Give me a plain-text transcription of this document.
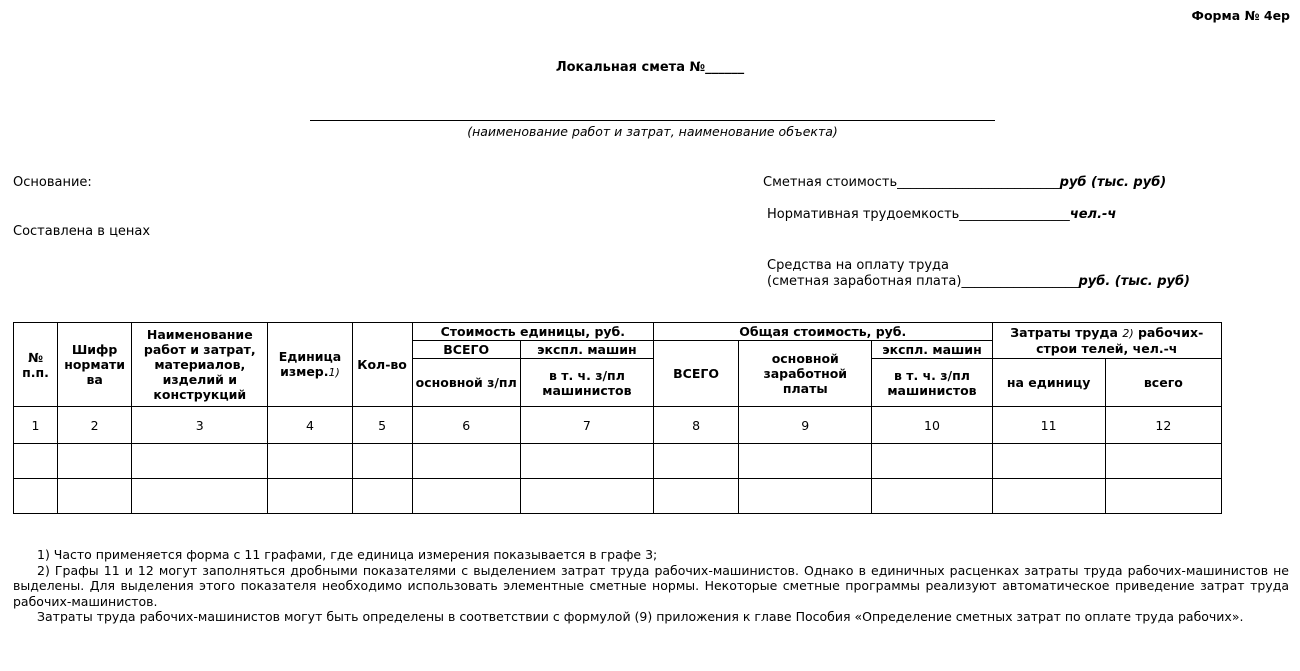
Форма № 4ер
Локальная смета №______
(наименование работ и затрат, наименование объекта)
Основание:
Составлена в ценах
Сметная стоимость_________________________руб (тыс. руб)
Нормативная трудоемкость_________________чел.-ч
Средства на оплату труда
(сметная заработная плата)__________________руб. (тыс. руб)
№ п.п.	Шифр нормати ва	Наименование работ и затрат, материалов, изделий и конструкций	Единица измер.1)	Кол-во	Стоимость единицы, руб.		Общая стоимость, руб.			Затраты труда 2) рабочих-строи телей, чел.-ч	
					ВСЕГО	экспл. машин	ВСЕГО	основной заработной платы	экспл. машин		
					основной з/пл	в т. ч. з/пл машинистов			в т. ч. з/пл машинистов	на единицу	всего
1	2	3	4	5	6	7	8	9	10	11	12

1) Часто применяется форма с 11 графами, где единица измерения показывается в графе 3;

2) Графы 11 и 12 могут заполняться дробными показателями с выделением затрат труда рабочих-машинистов. Однако в единичных расценках затраты труда рабочих-машинистов не выделены. Для выделения этого показателя необходимо использовать элементные сметные нормы. Некоторые сметные программы реализуют автоматическое приведение затрат труда рабочих-машинистов.

Затраты труда рабочих-машинистов могут быть определены в соответствии с формулой (9) приложения к главе Пособия «Определение сметных затрат по оплате труда рабочих».
